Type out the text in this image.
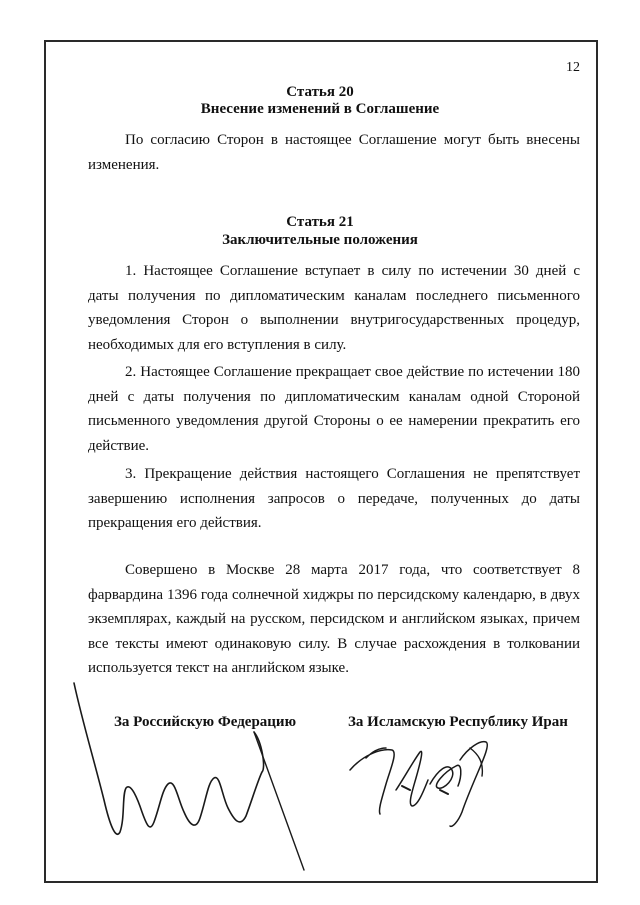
12
Статья 20
Внесение изменений в Соглашение
По согласию Сторон в настоящее Соглашение могут быть внесены изменения.
Статья 21
Заключительные положения
1. Настоящее Соглашение вступает в силу по истечении 30 дней с даты получения по дипломатическим каналам последнего письменного уведомления Сторон о выполнении внутригосударственных процедур, необходимых для его вступления в силу.
2. Настоящее Соглашение прекращает свое действие по истечении 180 дней с даты получения по дипломатическим каналам одной Стороной письменного уведомления другой Стороны о ее намерении прекратить его действие.
3. Прекращение действия настоящего Соглашения не препятствует завершению исполнения запросов о передаче, полученных до даты прекращения его действия.
Совершено в Москве 28 марта 2017 года, что соответствует 8 фарвардина 1396 года солнечной хиджры по персидскому календарю, в двух экземплярах, каждый на русском, персидском и английском языках, причем все тексты имеют одинаковую силу. В случае расхождения в толковании используется текст на английском языке.
За Российскую Федерацию	За Исламскую Республику Иран
